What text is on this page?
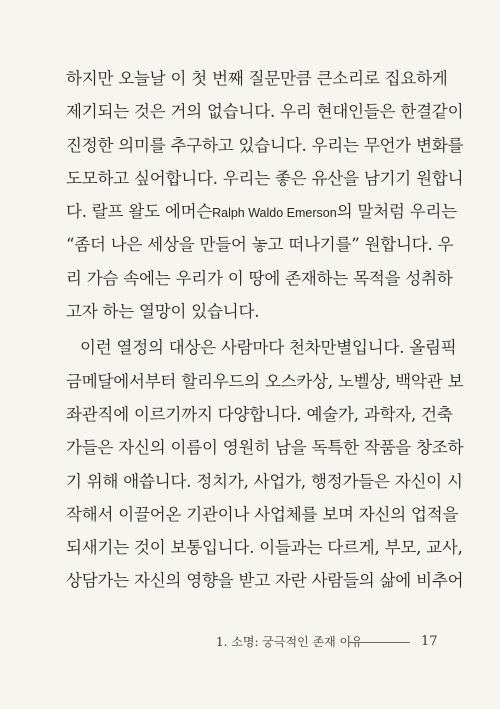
하지만 오늘날 이 첫 번째 질문만큼 큰소리로 집요하게
제기되는 것은 거의 없습니다. 우리 현대인들은 한결같이
진정한 의미를 추구하고 있습니다. 우리는 무언가 변화를
도모하고 싶어합니다. 우리는 좋은 유산을 남기기 원합니
다. 랄프 왈도 에머슨Ralph Waldo Emerson의 말처럼 우리는
“좀더 나은 세상을 만들어 놓고 떠나기를” 원합니다. 우
리 가슴 속에는 우리가 이 땅에 존재하는 목적을 성취하
고자 하는 열망이 있습니다.
이런 열정의 대상은 사람마다 천차만별입니다. 올림픽
금메달에서부터 할리우드의 오스카상, 노벨상, 백악관 보
좌관직에 이르기까지 다양합니다. 예술가, 과학자, 건축
가들은 자신의 이름이 영원히 남을 독특한 작품을 창조하
기 위해 애씁니다. 정치가, 사업가, 행정가들은 자신이 시
작해서 이끌어온 기관이나 사업체를 보며 자신의 업적을
되새기는 것이 보통입니다. 이들과는 다르게, 부모, 교사,
상담가는 자신의 영향을 받고 자란 사람들의 삶에 비추어
1. 소명: 궁극적인 존재 이유	17
